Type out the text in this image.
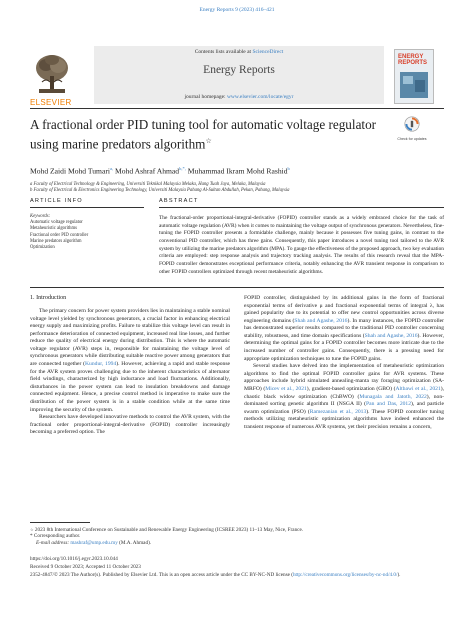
Energy Reports 9 (2023) 416–421
ELSEVIER
Contents lists available at ScienceDirect
Energy Reports
journal homepage: www.elsevier.com/locate/egyr
ENERGY REPORTS
A fractional order PID tuning tool for automatic voltage regulator using marine predators algorithm☆	Check for updates
Mohd Zaidi Mohd Tumari$^{a,}$ Mohd Ashraf Ahmad$^{b,*,}$ Muhammad Ikram Mohd Rashid$^b$
a Faculty of Electrical Technology & Engineering, Universiti Teknikal Malaysia Melaka, Hang Tuah Jaya, Melaka, Malaysia
b Faculty of Electrical & Electronics Engineering Technology, Universiti Malaysia Pahang Al-Sultan Abdullah, Pekan, Pahang, Malaysia
ARTICLE INFO	ABSTRACT
Keywords:
Automatic voltage regulator
Metaheuristic algorithms
Fractional order PID controller
Marine predators algorithm
Optimization
The fractional-order proportional-integral-derivative (FOPID) controller stands as a widely embraced choice for the task of automatic voltage regulation (AVR) when it comes to maintaining the voltage output of synchronous generators. Nevertheless, fine-tuning the FOPID controller presents a formidable challenge, mainly because it possesses five tuning gains, in contrast to the conventional PID controller, which has three gains. Consequently, this paper introduces a novel tuning tool tailored to the AVR system by utilizing the marine predators algorithm (MPA). To gauge the effectiveness of the proposed approach, two key evaluation criteria are employed: step response analysis and trajectory tracking analysis. The results of this research reveal that the MPA-FOPID controller demonstrates exceptional performance criteria, notably enhancing the AVR transient response in comparison to other FOPID controllers optimized through recent metaheuristic algorithms.
1. Introduction

The primary concern for power system providers lies in maintaining a stable nominal voltage level yielded by synchronous generators, a crucial factor in enhancing electrical energy supply and maximizing profits. Failure to stabilize this voltage level can result in performance deterioration of connected equipment, increased real line losses, and further reduce the quality of electrical energy during distribution. This is where the automatic voltage regulator (AVR) steps in, responsible for maintaining the voltage level of synchronous generators while distributing suitable reactive power among generators that are connected together (Kundur, 1994). However, achieving a rapid and stable response for the AVR system proves challenging due to the inherent characteristics of alternator field windings, characterized by high inductance and load fluctuations. Additionally, disturbances in the power system can lead to insulation breakdowns and damage connected equipment. Hence, a precise control method is imperative to make sure the distribution of the power system is in a stable condition while at the same time improving the security of the system.

Researchers have developed innovative methods to control the AVR system, with the fractional order proportional-integral-derivative (FOPID) controller increasingly becoming a preferred option. The

FOPID controller, distinguished by its additional gains in the form of fractional exponential terms of derivative μ and fractional exponential terms of integral λ, has gained popularity due to its potential to offer new control opportunities across diverse engineering domains (Shah and Agashe, 2016). In many instances, the FOPID controller has demonstrated superior results compared to the traditional PID controller concerning stability, robustness, and time domain specifications (Shah and Agashe, 2016). However, determining the optimal gains for a FOPID controller becomes more intricate due to the increased number of controller gains. Consequently, there is a pressing need for appropriate optimization techniques to tune the FOPID gains.

Several studies have delved into the implementation of metaheuristic optimization algorithms to find the optimal FOPID controller gains for AVR systems. These approaches include hybrid simulated annealing-manta ray foraging optimization (SA-MRFO) (Micev et al., 2021), gradient-based optimization (GBO) (Altbawi et al., 2021), chaotic black widow optimization (ChBWO) (Munagala and Jatoth, 2022), non-dominated sorting genetic algorithm II (NSGA II) (Pan and Das, 2012), and particle swarm optimization (PSO) (Ramezanian et al., 2013). These FOPID controller tuning methods utilizing metaheuristic optimization algorithms have indeed enhanced the transient response of numerous AVR systems, yet their precision remains a concern,

☆ 2023 8th International Conference on Sustainable and Renewable Energy Engineering (ICSREE 2023) 11–13 May, Nice, France.
* Corresponding author.
E-mail address: mashraf@ump.edu.my (M.A. Ahmad).
https://doi.org/10.1016/j.egyr.2023.10.044
Received 9 October 2023; Accepted 11 October 2023
2352-4847/© 2023 The Author(s). Published by Elsevier Ltd. This is an open access article under the CC BY-NC-ND license (http://creativecommons.org/licenses/by-nc-nd/4.0/).
